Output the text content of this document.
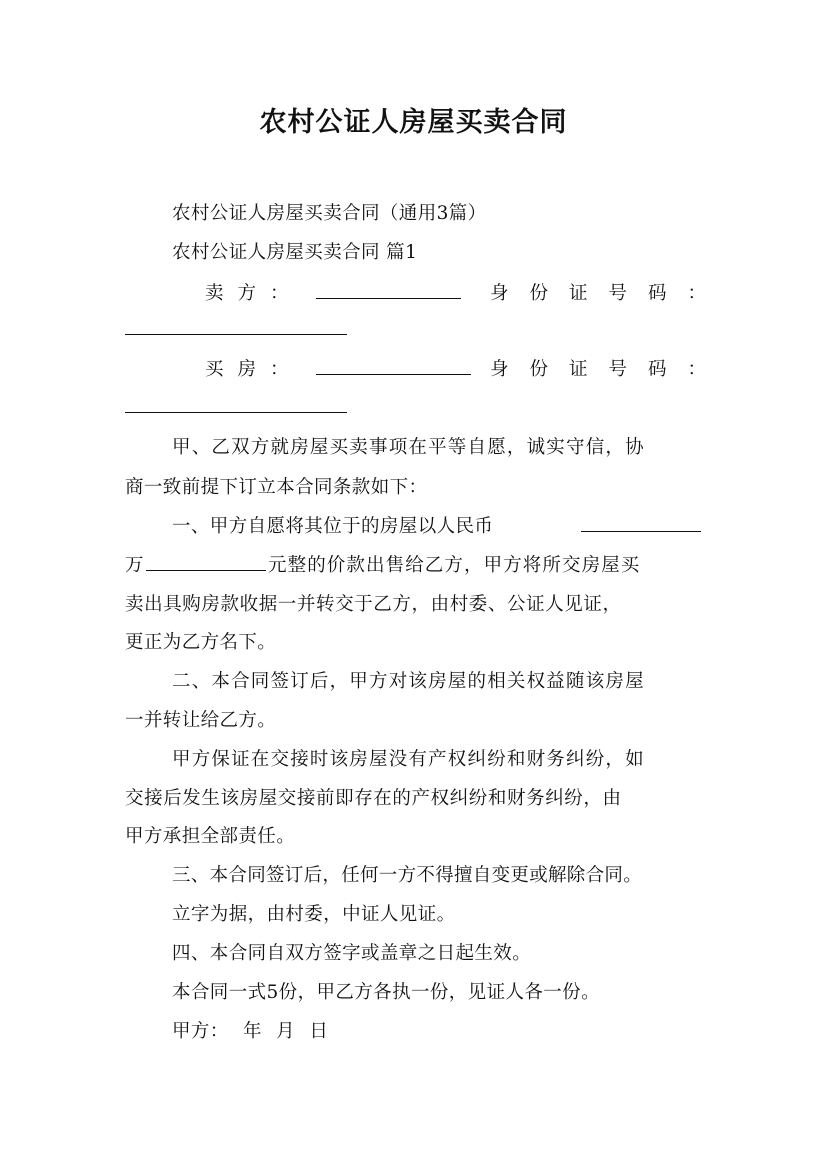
农村公证人房屋买卖合同
农村公证人房屋买卖合同（通用3篇）
农村公证人房屋买卖合同 篇1
卖方：	身份证号码：
买房：	身份证号码：
甲、乙双方就房屋买卖事项在平等自愿，诚实守信，协
商一致前提下订立本合同条款如下：
一、甲方自愿将其位于的房屋以人民币
万	元整的价款出售给乙方，甲方将所交房屋买
卖出具购房款收据一并转交于乙方，由村委、公证人见证，
更正为乙方名下。
二、本合同签订后，甲方对该房屋的相关权益随该房屋
一并转让给乙方。
甲方保证在交接时该房屋没有产权纠纷和财务纠纷，如
交接后发生该房屋交接前即存在的产权纠纷和财务纠纷，由
甲方承担全部责任。
三、本合同签订后，任何一方不得擅自变更或解除合同。
立字为据，由村委，中证人见证。
四、本合同自双方签字或盖章之日起生效。
本合同一式5份，甲乙方各执一份，见证人各一份。
甲方： 年 月 日
